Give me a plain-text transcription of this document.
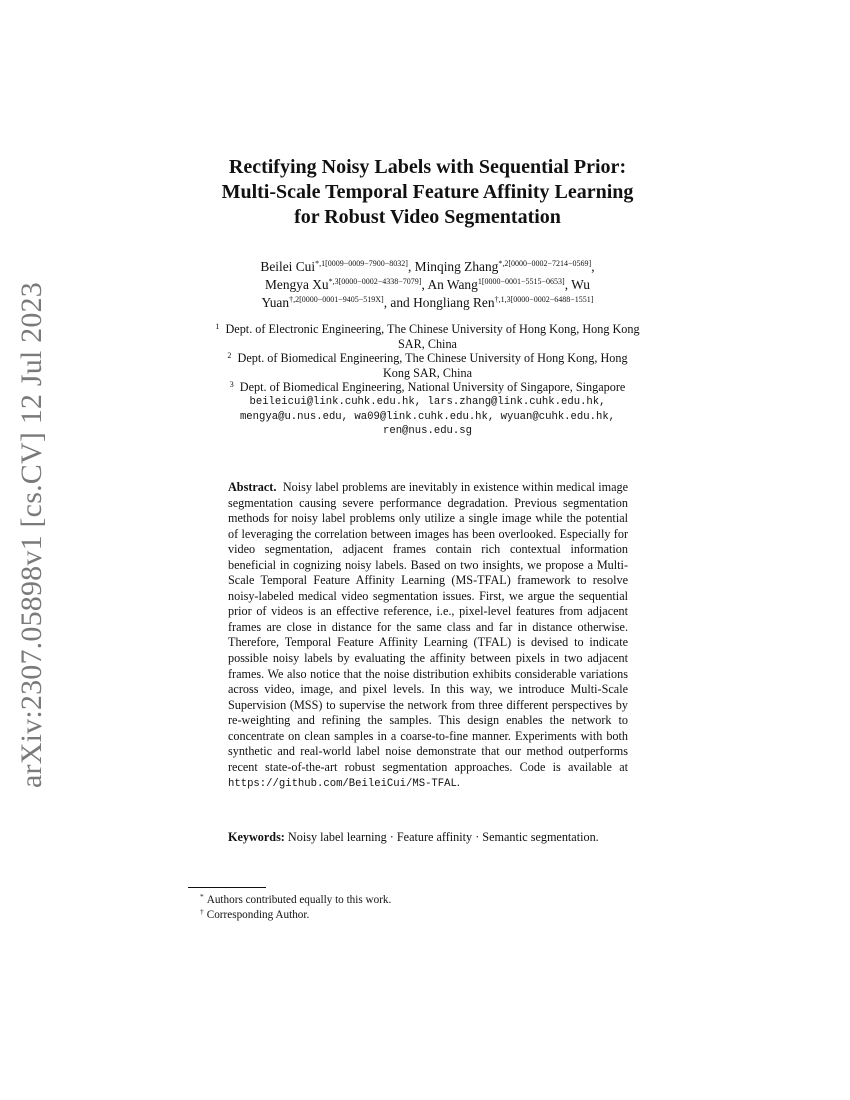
arXiv:2307.05898v1 [cs.CV] 12 Jul 2023
Rectifying Noisy Labels with Sequential Prior:
Multi-Scale Temporal Feature Affinity Learning
for Robust Video Segmentation
Beilei Cui$^{*,1[0009-0009-7900-8032]}$, Minqing Zhang$^{*,2[0000-0002-7214-0569]}$,
Mengya $Xu^{*,3[0000-0002-4338-7079]}$, An Wang$^{1[0000-0001-5515-0653]}$, Wu
Yuan$^{\dagger,2[0000-0001-9405-519X]}$, and Hongliang Ren$^{\dagger,1,3[0000-0002-6488-1551]}$
$^1$ Dept. of Electronic Engineering, The Chinese University of Hong Kong, Hong Kong
SAR, China
$^2$ Dept. of Biomedical Engineering, The Chinese University of Hong Kong, Hong
Kong SAR, China
$^3$ Dept. of Biomedical Engineering, National University of Singapore, Singapore
beileicui@link.cuhk.edu.hk, lars.zhang@link.cuhk.edu.hk,
mengya@u.nus.edu, wa09@link.cuhk.edu.hk, wyuan@cuhk.edu.hk,
ren@nus.edu.sg
Abstract. Noisy label problems are inevitably in existence within medical image segmentation causing severe performance degradation. Previous segmentation methods for noisy label problems only utilize a single image while the potential of leveraging the correlation between images has been overlooked. Especially for video segmentation, adjacent frames contain rich contextual information beneficial in cognizing noisy labels. Based on two insights, we propose a Multi-Scale Temporal Feature Affinity Learning (MS-TFAL) framework to resolve noisy-labeled medical video segmentation issues. First, we argue the sequential prior of videos is an effective reference, i.e., pixel-level features from adjacent frames are close in distance for the same class and far in distance otherwise. Therefore, Temporal Feature Affinity Learning (TFAL) is devised to indicate possible noisy labels by evaluating the affinity between pixels in two adjacent frames. We also notice that the noise distribution exhibits considerable variations across video, image, and pixel levels. In this way, we introduce Multi-Scale Supervision (MSS) to supervise the network from three different perspectives by re-weighting and refining the samples. This design enables the network to concentrate on clean samples in a coarse-to-fine manner. Experiments with both synthetic and real-world label noise demonstrate that our method outperforms recent state-of-the-art robust segmentation approaches. Code is available at https://github.com/BeileiCui/MS-TFAL.
Keywords: Noisy label learning · Feature affinity · Semantic segmentation.
* Authors contributed equally to this work.
† Corresponding Author.
